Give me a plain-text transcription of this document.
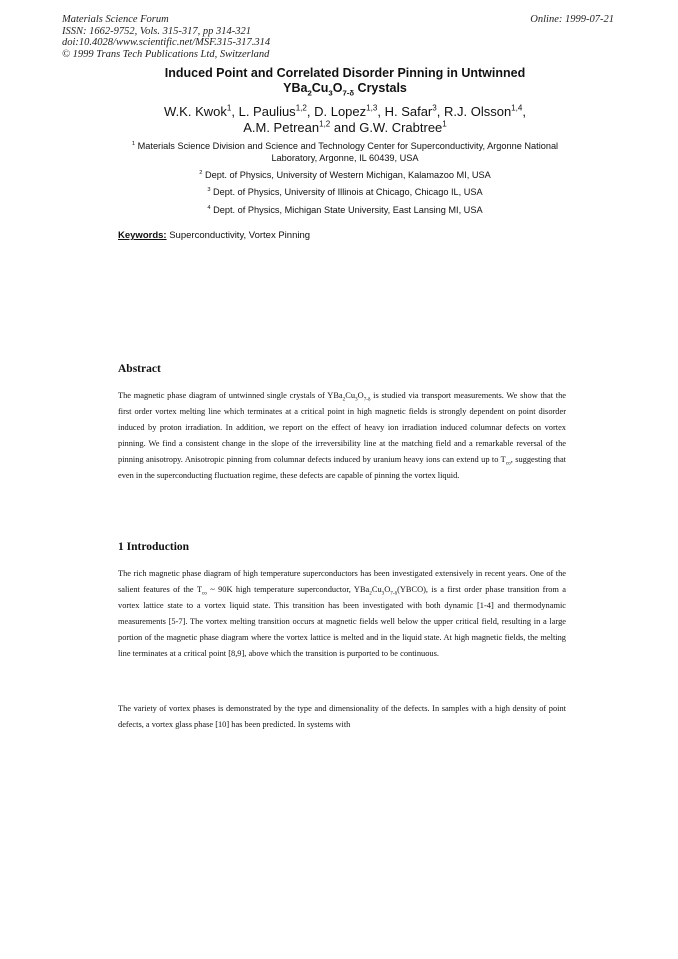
Materials Science Forum
ISSN: 1662-9752, Vols. 315-317, pp 314-321
doi:10.4028/www.scientific.net/MSF.315-317.314
© 1999 Trans Tech Publications Ltd, Switzerland
Online: 1999-07-21
Induced Point and Correlated Disorder Pinning in Untwinned
$YBa_2Cu_3O_{7-\delta}$ Crystals
W.K. Kwok$^1$, L. Paulius$^{1,2}$, D. Lopez$^{1,3}$, H. Safar$^3$, R.J. Olsson$^{1,4}$,
A.M. Petrean$^{1,2}$ and G.W. Crabtree$^1$
$^1$ Materials Science Division and Science and Technology Center for Superconductivity, Argonne National Laboratory, Argonne, IL 60439, USA
$^2$ Dept. of Physics, University of Western Michigan, Kalamazoo MI, USA
$^3$ Dept. of Physics, University of Illinois at Chicago, Chicago IL, USA
$^4$ Dept. of Physics, Michigan State University, East Lansing MI, USA
Keywords: Superconductivity, Vortex Pinning
Abstract

The magnetic phase diagram of untwinned single crystals of $YBa_2Cu_3O_{7-\delta}$ is studied via transport measurements. We show that the first order vortex melting line which terminates at a critical point in high magnetic fields is strongly dependent on point disorder induced by proton irradiation. In addition, we report on the effect of heavy ion irradiation induced columnar defects on vortex pinning. We find a consistent change in the slope of the irreversibility line at the matching field and a remarkable reversal of the pinning anisotropy. Anisotropic pinning from columnar defects induced by uranium heavy ions can extend up to $T_{co}$, suggesting that even in the superconducting fluctuation regime, these defects are capable of pinning the vortex liquid.

1 Introduction

The rich magnetic phase diagram of high temperature superconductors has been investigated extensively in recent years. One of the salient features of the $T_{co}$ ~ 90K high temperature superconductor, $YBa_2Cu_3O_{7-\delta}(YBCO)$, is a first order phase transition from a vortex lattice state to a vortex liquid state. This transition has been investigated with both dynamic [1-4] and thermodynamic measurements [5-7]. The vortex melting transition occurs at magnetic fields well below the upper critical field, resulting in a large portion of the magnetic phase diagram where the vortex lattice is melted and in the liquid state. At high magnetic fields, the melting line terminates at a critical point [8,9], above which the transition is purported to be continuous.

The variety of vortex phases is demonstrated by the type and dimensionality of the defects. In samples with a high density of point defects, a vortex glass phase [10] has been predicted. In systems with
